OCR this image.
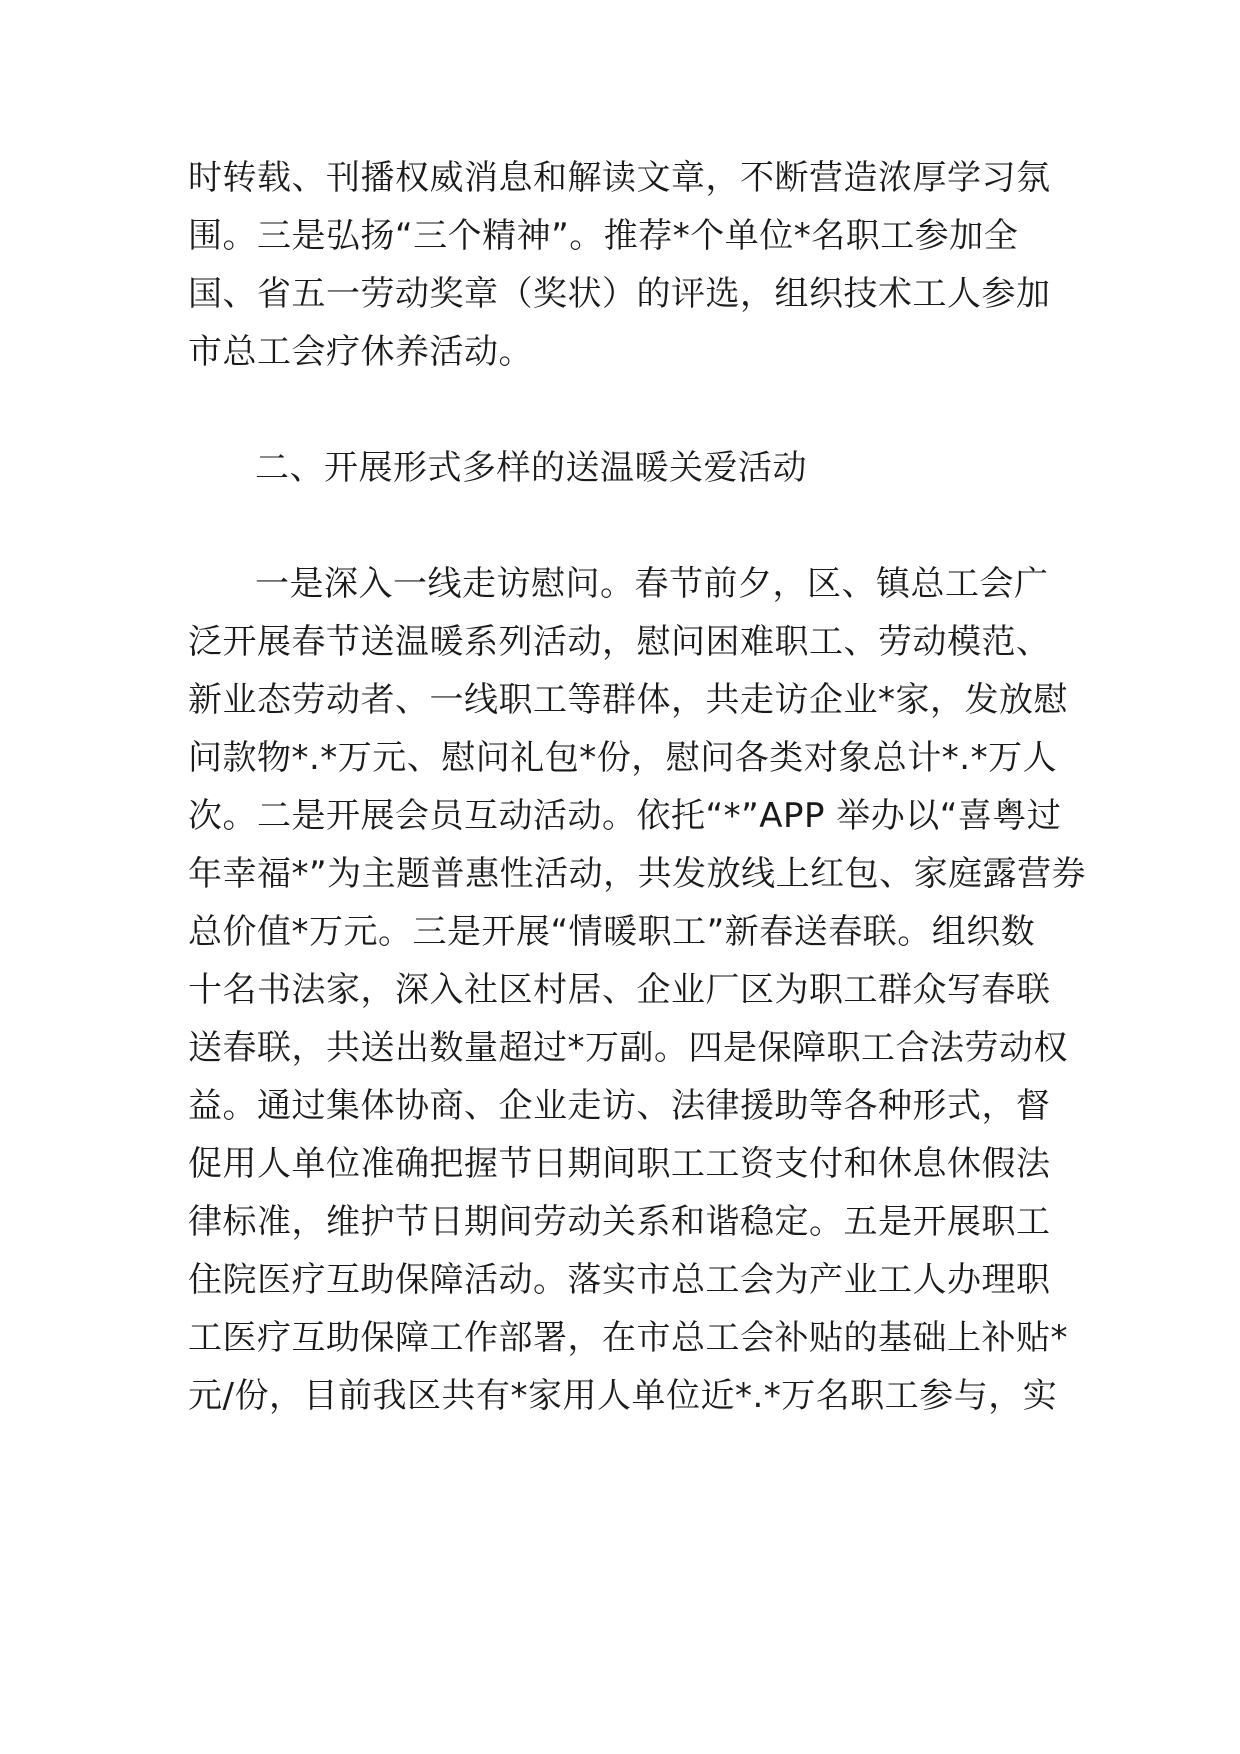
时转载、刊播权威消息和解读文章，不断营造浓厚学习氛
围。三是弘扬“三个精神”。推荐*个单位*名职工参加全
国、省五一劳动奖章（奖状）的评选，组织技术工人参加
市总工会疗休养活动。
二、开展形式多样的送温暖关爱活动
一是深入一线走访慰问。春节前夕，区、镇总工会广
泛开展春节送温暖系列活动，慰问困难职工、劳动模范、
新业态劳动者、一线职工等群体，共走访企业*家，发放慰
问款物*.*万元、慰问礼包*份，慰问各类对象总计*.*万人
次。二是开展会员互动活动。依托“*”APP 举办以“喜粤过
年幸福*”为主题普惠性活动，共发放线上红包、家庭露营券
总价值*万元。三是开展“情暖职工”新春送春联。组织数
十名书法家，深入社区村居、企业厂区为职工群众写春联
送春联，共送出数量超过*万副。四是保障职工合法劳动权
益。通过集体协商、企业走访、法律援助等各种形式，督
促用人单位准确把握节日期间职工工资支付和休息休假法
律标准，维护节日期间劳动关系和谐稳定。五是开展职工
住院医疗互助保障活动。落实市总工会为产业工人办理职
工医疗互助保障工作部署，在市总工会补贴的基础上补贴*
元/份，目前我区共有*家用人单位近*.*万名职工参与，实
